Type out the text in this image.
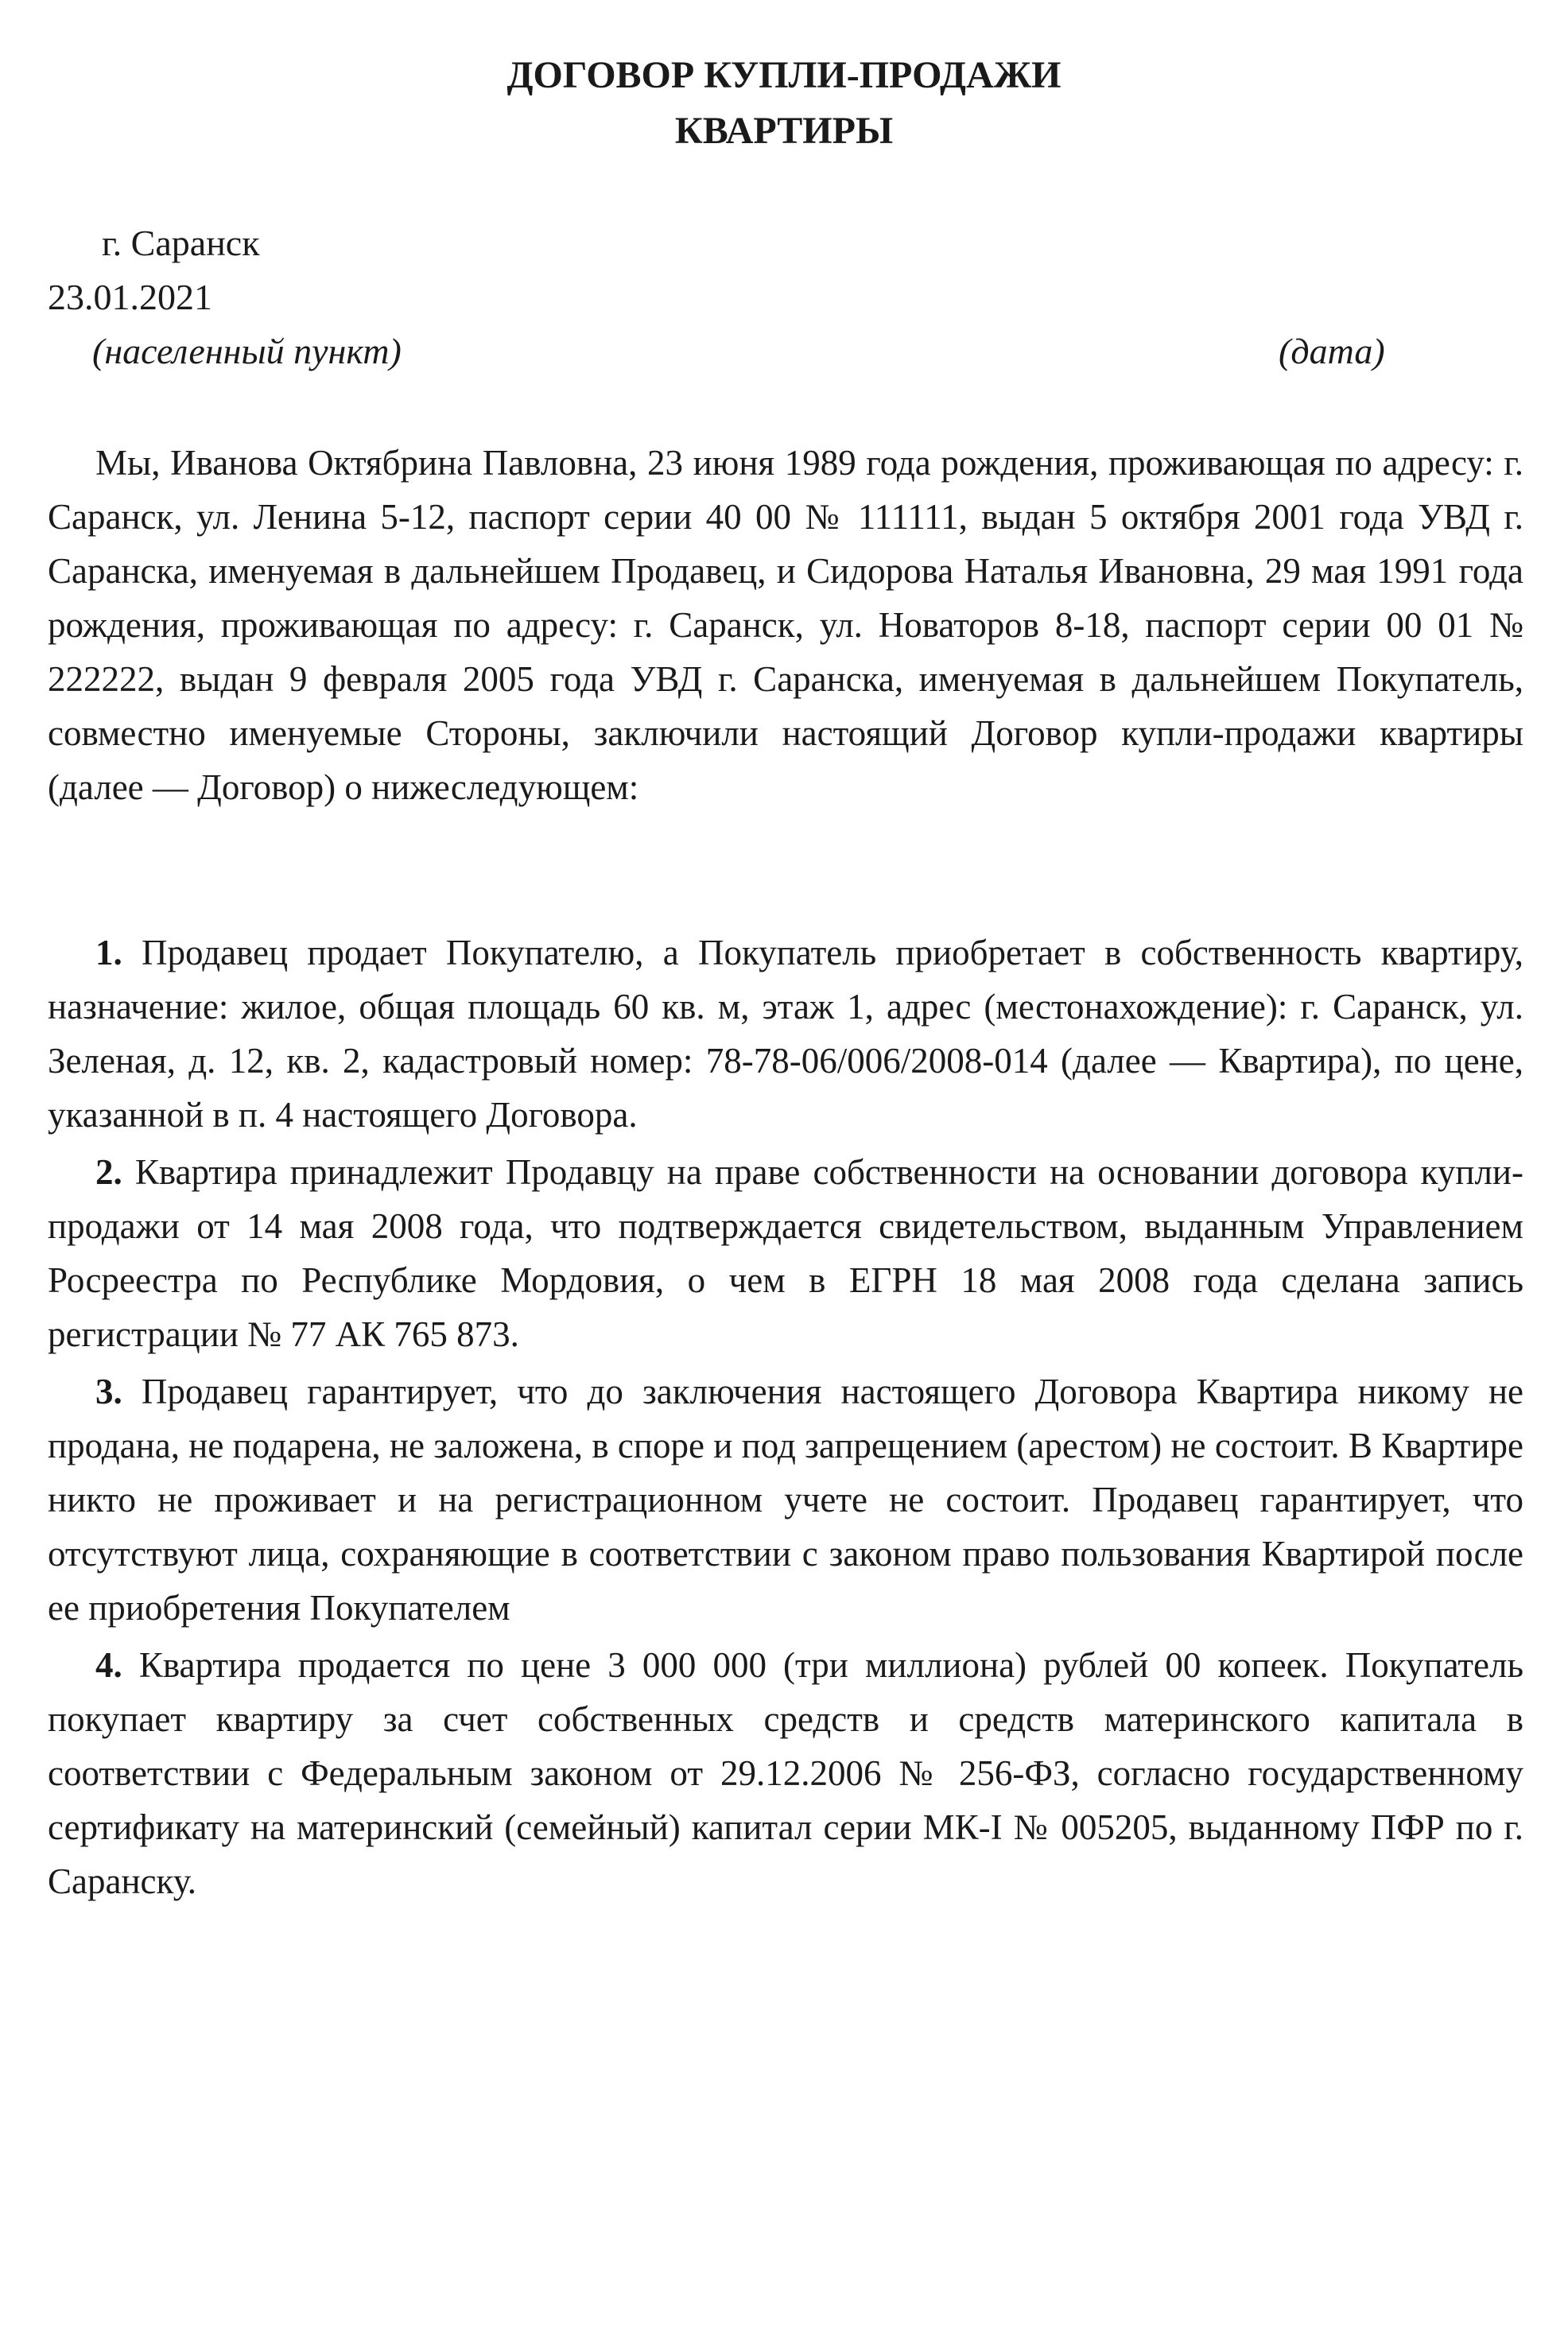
ДОГОВОР КУПЛИ-ПРОДАЖИ
КВАРТИРЫ
г. Саранск
23.01.2021
(населенный пункт)	(дата)
Мы, Иванова Октябрина Павловна, 23 июня 1989 года рождения, проживающая по адресу: г. Саранск, ул. Ленина 5-12, паспорт серии 40 00 № 111111, выдан 5 октября 2001 года УВД г. Саранска, именуемая в дальнейшем Продавец, и Сидорова Наталья Ивановна, 29 мая 1991 года рождения, проживающая по адресу: г. Саранск, ул. Новаторов 8-18, паспорт серии 00 01 № 222222, выдан 9 февраля 2005 года УВД г. Саранска, именуемая в дальнейшем Покупатель, совместно именуемые Стороны, заключили настоящий Договор купли-продажи квартиры (далее — Договор) о нижеследующем:

1. Продавец продает Покупателю, а Покупатель приобретает в собственность квартиру, назначение: жилое, общая площадь 60 кв. м, этаж 1, адрес (местонахождение): г. Саранск, ул. Зеленая, д. 12, кв. 2, кадастровый номер: 78-78-06/006/2008-014 (далее — Квартира), по цене, указанной в п. 4 настоящего Договора.

2. Квартира принадлежит Продавцу на праве собственности на основании договора купли-продажи от 14 мая 2008 года, что подтверждается свидетельством, выданным Управлением Росреестра по Республике Мордовия, о чем в ЕГРН 18 мая 2008 года сделана запись регистрации № 77 АК 765 873.

3. Продавец гарантирует, что до заключения настоящего Договора Квартира никому не продана, не подарена, не заложена, в споре и под запрещением (арестом) не состоит. В Квартире никто не проживает и на регистрационном учете не состоит. Продавец гарантирует, что отсутствуют лица, сохраняющие в соответствии с законом право пользования Квартирой после ее приобретения Покупателем

4. Квартира продается по цене 3 000 000 (три миллиона) рублей 00 копеек. Покупатель покупает квартиру за счет собственных средств и средств материнского капитала в соответствии с Федеральным законом от 29.12.2006 № 256-ФЗ, согласно государственному сертификату на материнский (семейный) капитал серии МК-I № 005205, выданному ПФР по г. Саранску.
